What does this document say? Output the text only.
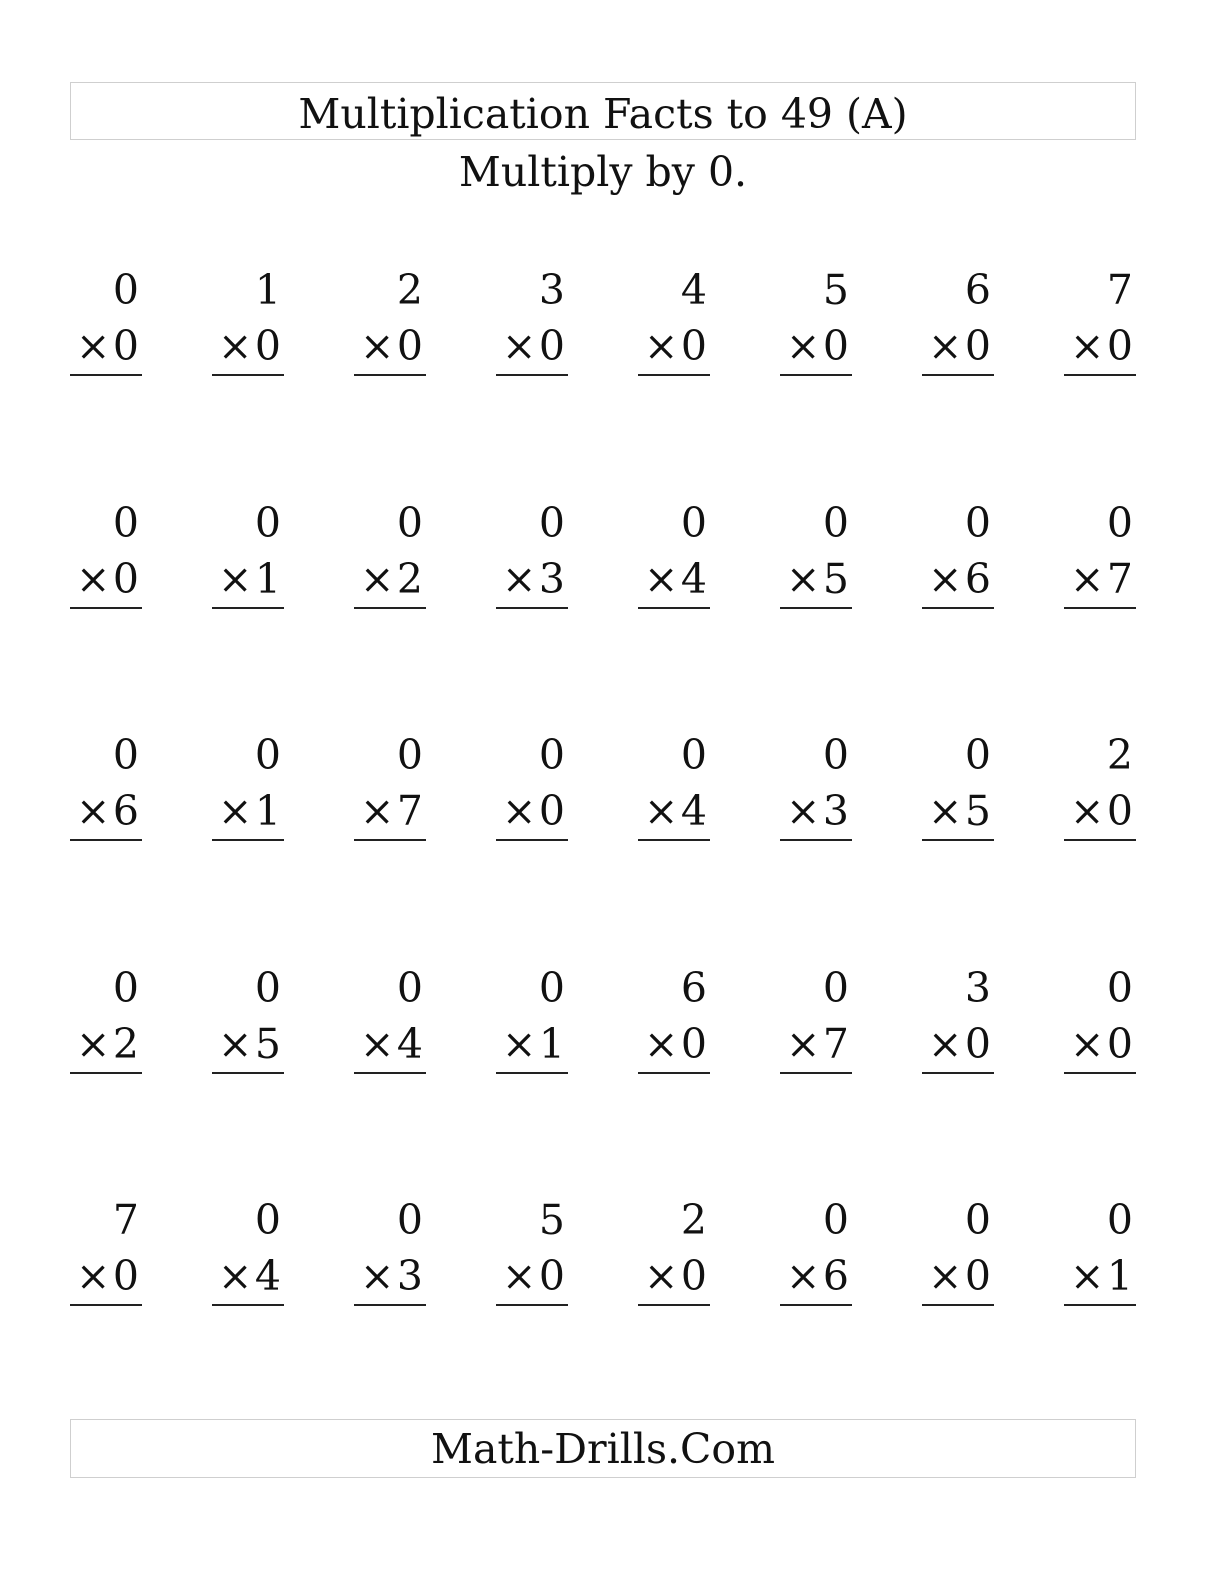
Multiplication Facts to 49 (A)

Multiply by 0.

0
× 0
1
× 0
2
× 0
3
× 0
4
× 0
5
× 0
6
× 0
7
× 0
0
× 0
0
× 1
0
× 2
0
× 3
0
× 4
0
× 5
0
× 6
0
× 7
0
× 6
0
× 1
0
× 7
0
× 0
0
× 4
0
× 3
0
× 5
2
× 0
0
× 2
0
× 5
0
× 4
0
× 1
6
× 0
0
× 7
3
× 0
0
× 0
7
× 0
0
× 4
0
× 3
5
× 0
2
× 0
0
× 6
0
× 0
0
× 1
Math-Drills.Com
